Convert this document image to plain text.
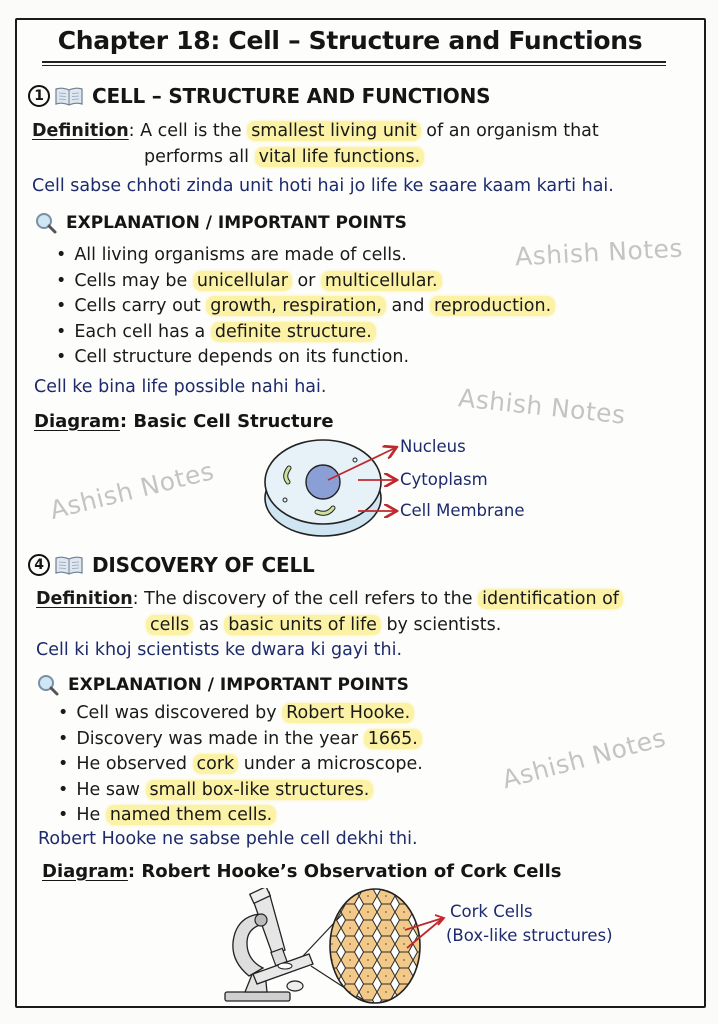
Chapter 18: Cell – Structure and Functions
Ashish Notes
Ashish Notes
Ashish Notes
Ashish Notes
1	CELL – STRUCTURE AND FUNCTIONS
Definition: A cell is the smallest living unit of an organism that
performs all vital life functions.
Cell sabse chhoti zinda unit hoti hai jo life ke saare kaam karti hai.
EXPLANATION / IMPORTANT POINTS
• All living organisms are made of cells.
• Cells may be unicellular or multicellular.
• Cells carry out growth, respiration, and reproduction.
• Each cell has a definite structure.
• Cell structure depends on its function.
Cell ke bina life possible nahi hai.
Diagram: Basic Cell Structure
Nucleus
Cytoplasm
Cell Membrane
4	DISCOVERY OF CELL
Definition: The discovery of the cell refers to the identification of
cells as basic units of life by scientists.
Cell ki khoj scientists ke dwara ki gayi thi.
EXPLANATION / IMPORTANT POINTS
• Cell was discovered by Robert Hooke.
• Discovery was made in the year 1665.
• He observed cork under a microscope.
• He saw small box-like structures.
• He named them cells.
Robert Hooke ne sabse pehle cell dekhi thi.
Diagram: Robert Hooke’s Observation of Cork Cells
Cork Cells
(Box-like structures)
